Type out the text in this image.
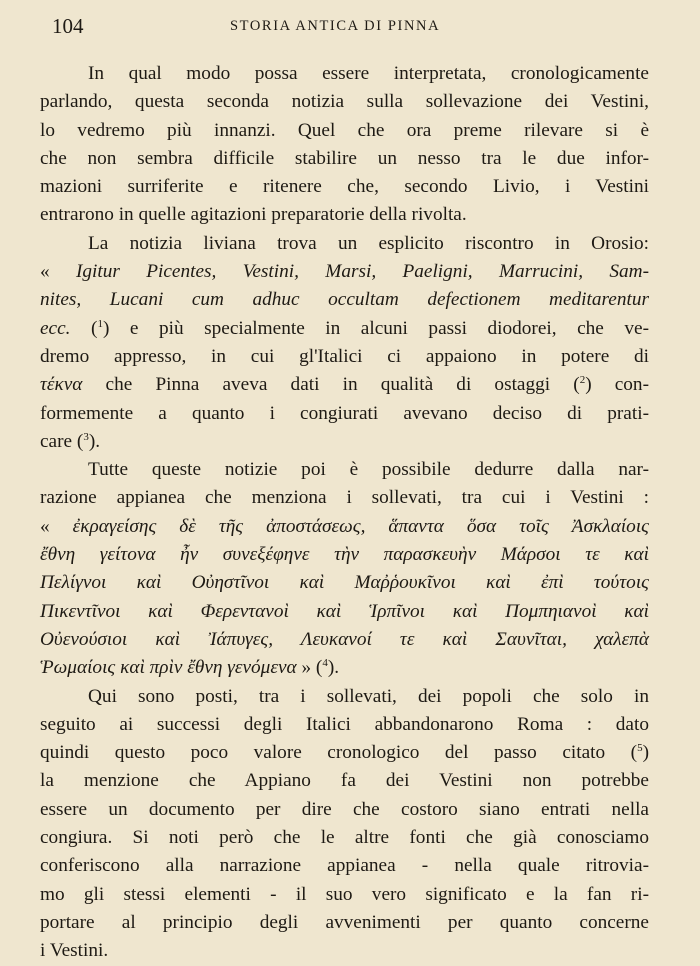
104	STORIA ANTICA DI PINNA
In qual modo possa essere interpretata, cronologicamente
parlando, questa seconda notizia sulla sollevazione dei Vestini,
lo vedremo più innanzi. Quel che ora preme rilevare si è
che non sembra difficile stabilire un nesso tra le due infor-
mazioni surriferite e ritenere che, secondo Livio, i Vestini
entrarono in quelle agitazioni preparatorie della rivolta.
La notizia liviana trova un esplicito riscontro in Orosio:
« Igitur Picentes, Vestini, Marsi, Paeligni, Marrucini, Sam-
nites, Lucani cum adhuc occultam defectionem meditarentur
ecc. ($^1$) e più specialmente in alcuni passi diodorei, che ve-
dremo appresso, in cui gl'Italici ci appaiono in potere di
τέκνα che Pinna aveva dati in qualità di ostaggi ($^2$) con-
formemente a quanto i congiurati avevano deciso di prati-
care ($^3$).
Tutte queste notizie poi è possibile dedurre dalla nar-
razione appianea che menziona i sollevati, tra cui i Vestini :
« ἐκραγείσης δὲ τῆς ἀποστάσεως, ἅπαντα ὅσα τοῖς Ἀσκλαίοις
ἔθνη γείτονα ἦν συνεξέφηνε τὴν παρασκευὴν Μάρσοι τε καὶ
Πελίγνοι καὶ Οὐηστῖνοι καὶ Μαῤῥουκῖνοι καὶ ἐπὶ τούτοις
Πικεντῖνοι καὶ Φερεντανοὶ καὶ Ἱρπῖνοι καὶ Πομπηιανοὶ καὶ
Οὐενούσιοι καὶ Ἰάπυγες, Λευκανοί τε καὶ Σαυνῖται, χαλεπὰ
Ῥωμαίοις καὶ πρὶν ἔθνη γενόμενα » ($^4$).
Qui sono posti, tra i sollevati, dei popoli che solo in
seguito ai successi degli Italici abbandonarono Roma : dato
quindi questo poco valore cronologico del passo citato ($^5$)
la menzione che Appiano fa dei Vestini non potrebbe
essere un documento per dire che costoro siano entrati nella
congiura. Si noti però che le altre fonti che già conosciamo
conferiscono alla narrazione appianea - nella quale ritrovia-
mo gli stessi elementi - il suo vero significato e la fan ri-
portare al principio degli avvenimenti per quanto concerne
i Vestini.
